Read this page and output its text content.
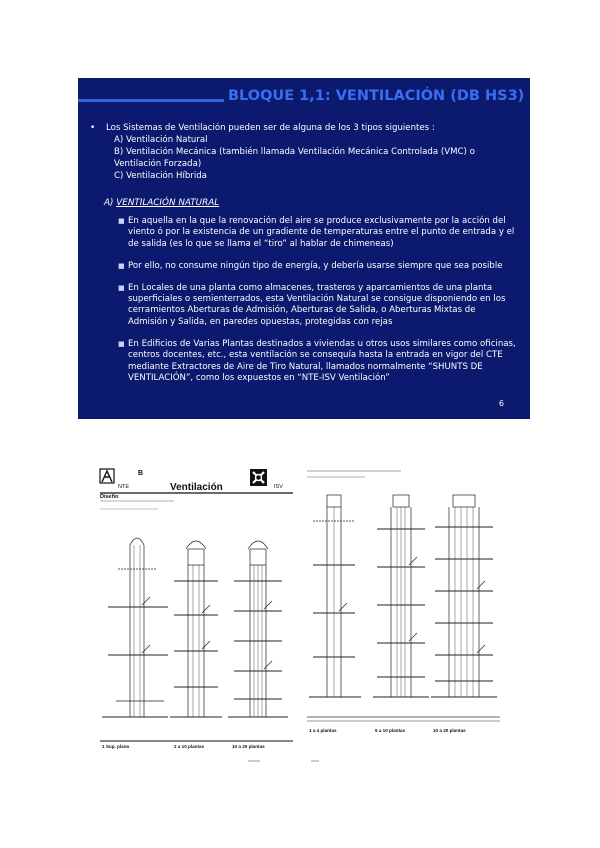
BLOQUE 1,1: VENTILACIÓN (DB HS3)
• Los Sistemas de Ventilación pueden ser de alguna de los 3 tipos siguientes :
A) Ventilación Natural
B) Ventilación Mecánica (también llamada Ventilación Mecánica Controlada (VMC) o
Ventilación Forzada)
C) Ventilación Híbrida
A) VENTILACIÓN NATURAL
■ En aquella en la que la renovación del aire se produce exclusivamente por la acción del viento ó por la existencia de un gradiente de temperaturas entre el punto de entrada y el de salida (es lo que se llama el “tiro” al hablar de chimeneas)
■ Por ello, no consume ningún tipo de energía, y debería usarse siempre que sea posible
■ En Locales de una planta como almacenes, trasteros y aparcamientos de una planta superficiales o semienterrados, esta Ventilación Natural se consigue disponiendo en los cerramientos Aberturas de Admisión, Aberturas de Salida, o Aberturas Mixtas de Admisión y Salida, en paredes opuestas, protegidas con rejas
■ En Edificios de Varias Plantas destinados a viviendas u otros usos similares como oficinas, centros docentes, etc., esta ventilación se consequía hasta la entrada en vigor del CTE mediante Extractores de Aire de Tiro Natural, llamados normalmente “SHUNTS DE VENTILACIÓN”, como los expuestos en “NTE-ISV Ventilación”
6
B
NTE	Ventilación	ISV
Diseño
1 Sup. plano	2 a 10 plantas	10 a 20 plantas
1 a 4 plantas	5 a 10 plantas	10 a 20 plantas
